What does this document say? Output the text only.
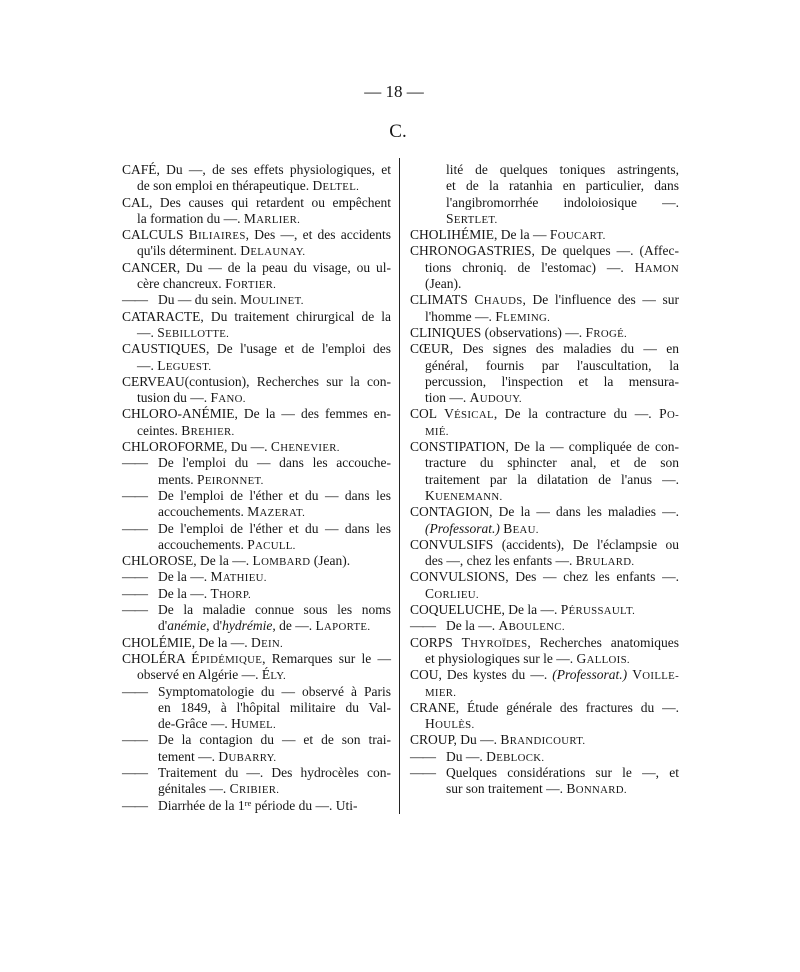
— 18 —
C.
CAFÉ, Du —, de ses effets physiologiques, et
de son emploi en thérapeutique. DELTEL.
CAL, Des causes qui retardent ou empêchent
la formation du —. MARLIER.
CALCULS BILIAIRES, Des —, et des accidents
qu'ils déterminent. DELAUNAY.
CANCER, Du — de la peau du visage, ou ul-
cère chancreux. FORTIER.
—— Du — du sein. MOULINET.
CATARACTE, Du traitement chirurgical de la
—. SEBILLOTTE.
CAUSTIQUES, De l'usage et de l'emploi des
—. LEGUEST.
CERVEAU(contusion), Recherches sur la con-
tusion du —. FANO.
CHLORO-ANÉMIE, De la — des femmes en-
ceintes. BREHIER.
CHLOROFORME, Du —. CHENEVIER.
—— De l'emploi du — dans les accouche-
ments. PEIRONNET.
—— De l'emploi de l'éther et du — dans les
accouchements. MAZERAT.
—— De l'emploi de l'éther et du — dans les
accouchements. PACULL.
CHLOROSE, De la —. LOMBARD (Jean).
—— De la —. MATHIEU.
—— De la —. THORP.
—— De la maladie connue sous les noms
d'anémie, d'hydrémie, de —. LAPORTE.
CHOLÉMIE, De la —. DEIN.
CHOLÉRA ÉPIDÉMIQUE, Remarques sur le —
observé en Algérie —. ÉLY.
—— Symptomatologie du — observé à Paris
en 1849, à l'hôpital militaire du Val-
de-Grâce —. HUMEL.
—— De la contagion du — et de son trai-
tement —. DUBARRY.
—— Traitement du —. Des hydrocèles con-
génitales —. CRIBIER.
—— Diarrhée de la 1re période du —. Uti-
lité de quelques toniques astringents,
et de la ratanhia en particulier, dans
l'angibromorrhée indoloiosique —.
SERTLET.
CHOLIHÉMIE, De la — FOUCART.
CHRONOGASTRIES, De quelques —. (Affec-
tions chroniq. de l'estomac) —. HAMON
(Jean).
CLIMATS CHAUDS, De l'influence des — sur
l'homme —. FLEMING.
CLINIQUES (observations) —. FROGÉ.
CŒUR, Des signes des maladies du — en
général, fournis par l'auscultation, la
percussion, l'inspection et la mensura-
tion —. AUDOUY.
COL VÉSICAL, De la contracture du —. PO-
MIÉ.
CONSTIPATION, De la — compliquée de con-
tracture du sphincter anal, et de son
traitement par la dilatation de l'anus —.
KUENEMANN.
CONTAGION, De la — dans les maladies —.
(Professorat.) BEAU.
CONVULSIFS (accidents), De l'éclampsie ou
des —, chez les enfants —. BRULARD.
CONVULSIONS, Des — chez les enfants —.
CORLIEU.
COQUELUCHE, De la —. PÉRUSSAULT.
—— De la —. ABOULENC.
CORPS THYROÏDES, Recherches anatomiques
et physiologiques sur le —. GALLOIS.
COU, Des kystes du —. (Professorat.) VOILLE-
MIER.
CRANE, Étude générale des fractures du —.
HOULÈS.
CROUP, Du —. BRANDICOURT.
—— Du —. DEBLOCK.
—— Quelques considérations sur le —, et
sur son traitement —. BONNARD.
